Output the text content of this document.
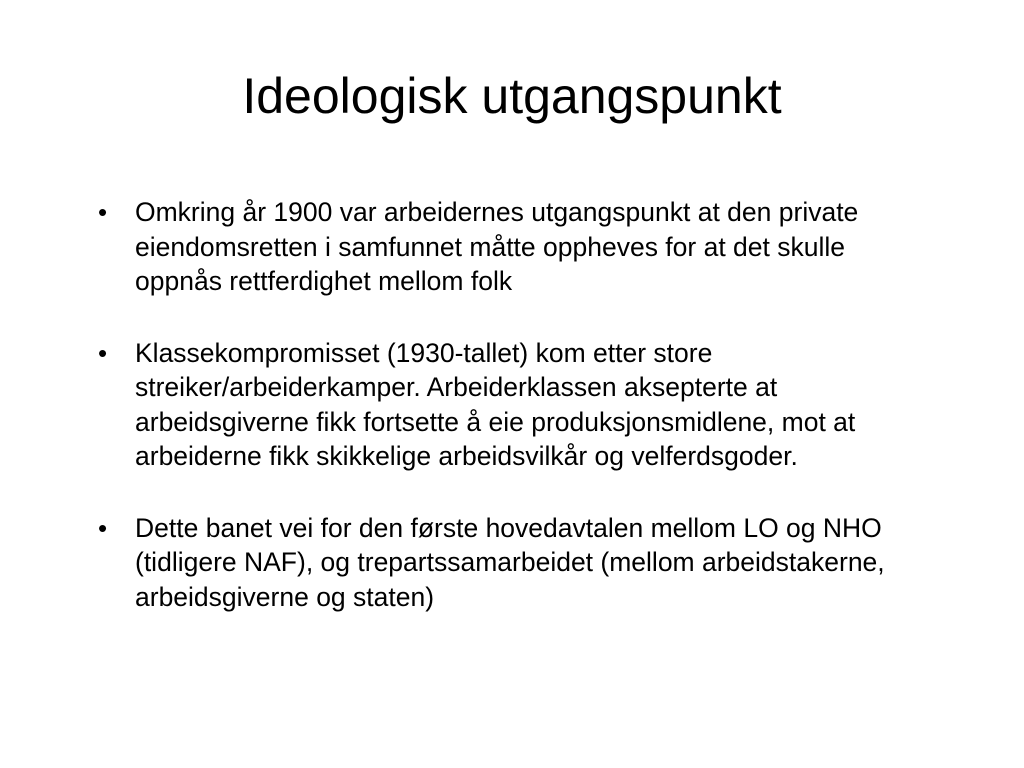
Ideologisk utgangspunkt
•	Omkring år 1900 var arbeidernes utgangspunkt at den private eiendomsretten i samfunnet måtte oppheves for at det skulle oppnås rettferdighet mellom folk
•	Klassekompromisset (1930-tallet) kom etter store streiker/arbeiderkamper. Arbeiderklassen aksepterte at arbeidsgiverne fikk fortsette å eie produksjonsmidlene, mot at arbeiderne fikk skikkelige arbeidsvilkår og velferdsgoder.
•	Dette banet vei for den første hovedavtalen mellom LO og NHO (tidligere NAF), og trepartssamarbeidet (mellom arbeidstakerne, arbeidsgiverne og staten)
